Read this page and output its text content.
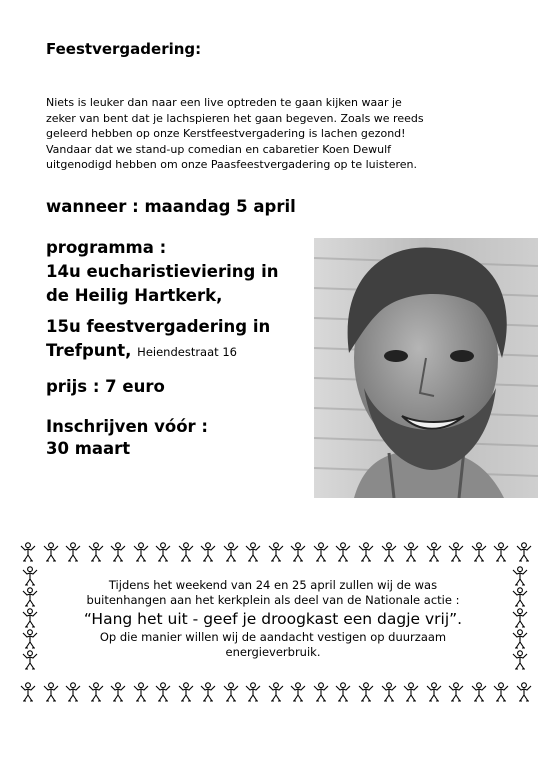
Feestvergadering:
Niets is leuker dan naar een live optreden te gaan kijken waar je
zeker van bent dat je lachspieren het gaan begeven. Zoals we reeds
geleerd hebben op onze Kerstfeestvergadering is lachen gezond!
Vandaar dat we stand-up comedian en cabaretier Koen Dewulf
uitgenodigd hebben om onze Paasfeestvergadering op te luisteren.
wanneer : maandag 5 april
programma :
14u eucharistieviering in
de Heilig Hartkerk,
15u feestvergadering in
Trefpunt, Heiendestraat 16
prijs : 7 euro
Inschrijven vóór :
30 maart
Tijdens het weekend van 24 en 25 april zullen wij de was
buitenhangen aan het kerkplein als deel van de Nationale actie :
“Hang het uit - geef je droogkast een dagje vrij”.
Op die manier willen wij de aandacht vestigen op duurzaam
energieverbruik.
